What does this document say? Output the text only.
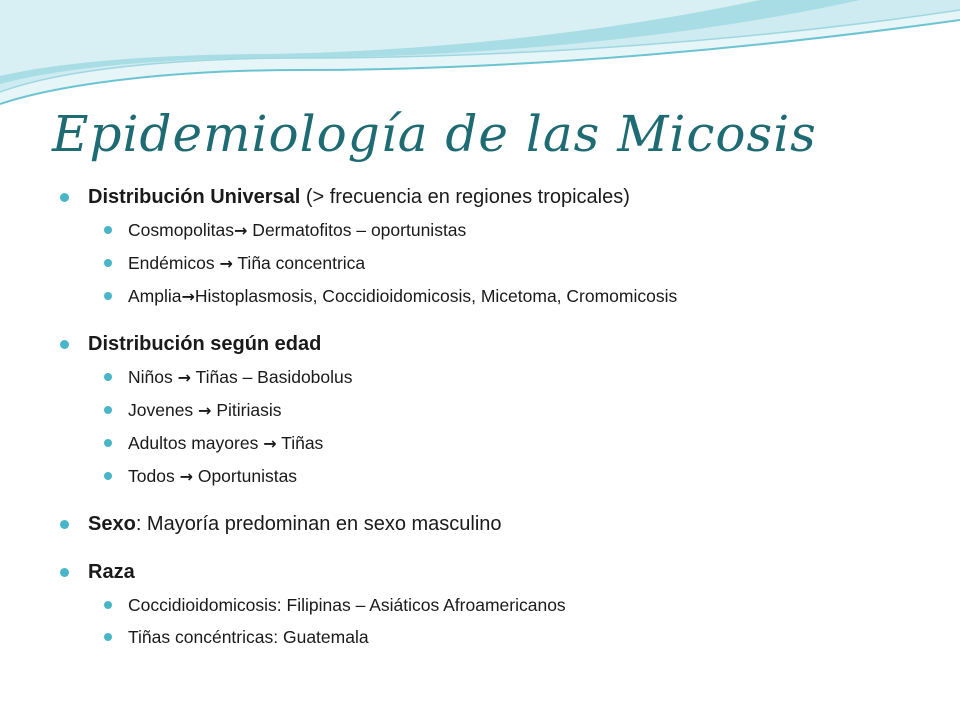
Epidemiología de las Micosis
Distribución Universal (> frecuencia en regiones tropicales)
Cosmopolitas→ Dermatofitos – oportunistas
Endémicos → Tiña concentrica
Amplia→Histoplasmosis, Coccidioidomicosis, Micetoma, Cromomicosis
Distribución según edad
Niños → Tiñas – Basidobolus
Jovenes → Pitiriasis
Adultos mayores → Tiñas
Todos → Oportunistas
Sexo: Mayoría predominan en sexo masculino
Raza
Coccidioidomicosis: Filipinas – Asiáticos Afroamericanos
Tiñas concéntricas: Guatemala
